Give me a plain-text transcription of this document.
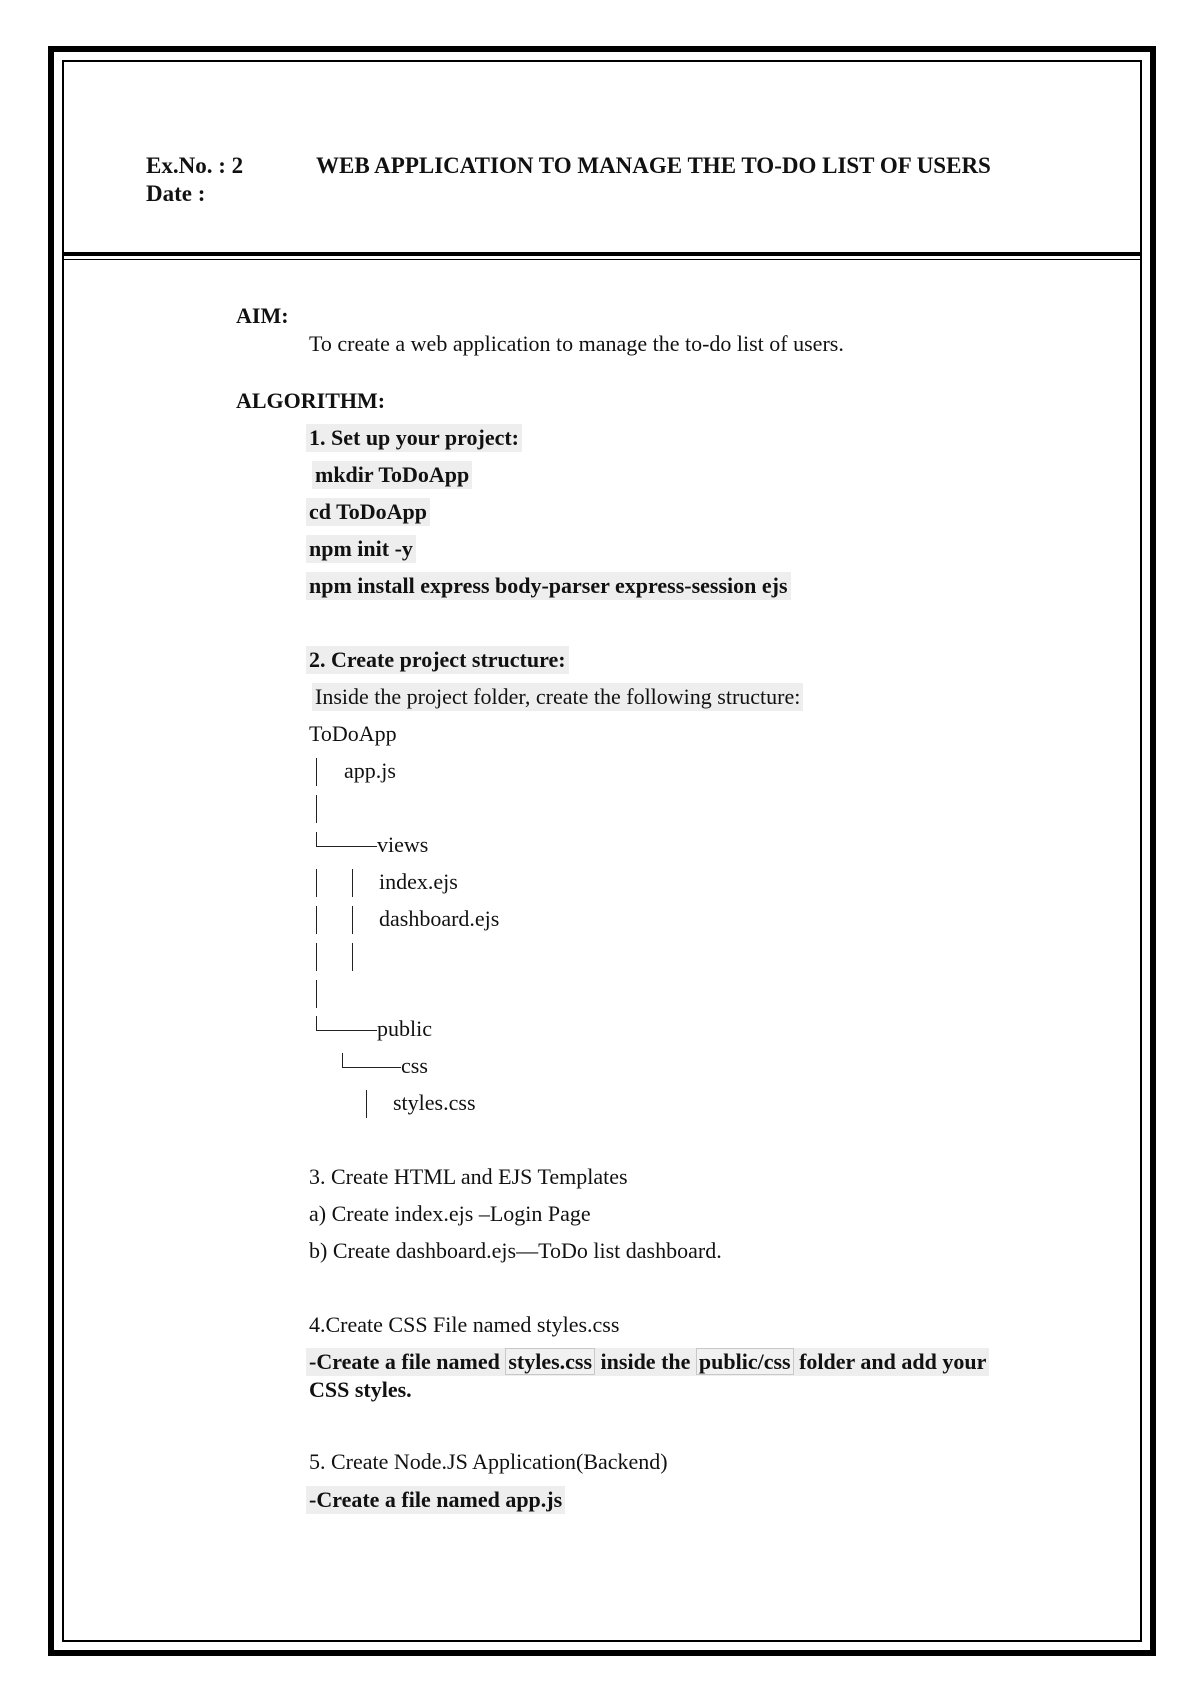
Ex.No. : 2	WEB APPLICATION TO MANAGE THE TO-DO LIST OF USERS
Date :
AIM:
To create a web application to manage the to-do list of users.
ALGORITHM:
1. Set up your project:
mkdir ToDoApp
cd ToDoApp
npm init -y
npm install express body-parser express-session ejs
2. Create project structure:
Inside the project folder, create the following structure:
ToDoApp
app.js
views
index.ejs
dashboard.ejs
public
css
styles.css
3. Create HTML and EJS Templates
a) Create index.ejs –Login Page
b) Create dashboard.ejs—ToDo list dashboard.
4.Create CSS File named styles.css
-Create a file named styles.css inside the public/css folder and add your
CSS styles.
5. Create Node.JS Application(Backend)
-Create a file named app.js
